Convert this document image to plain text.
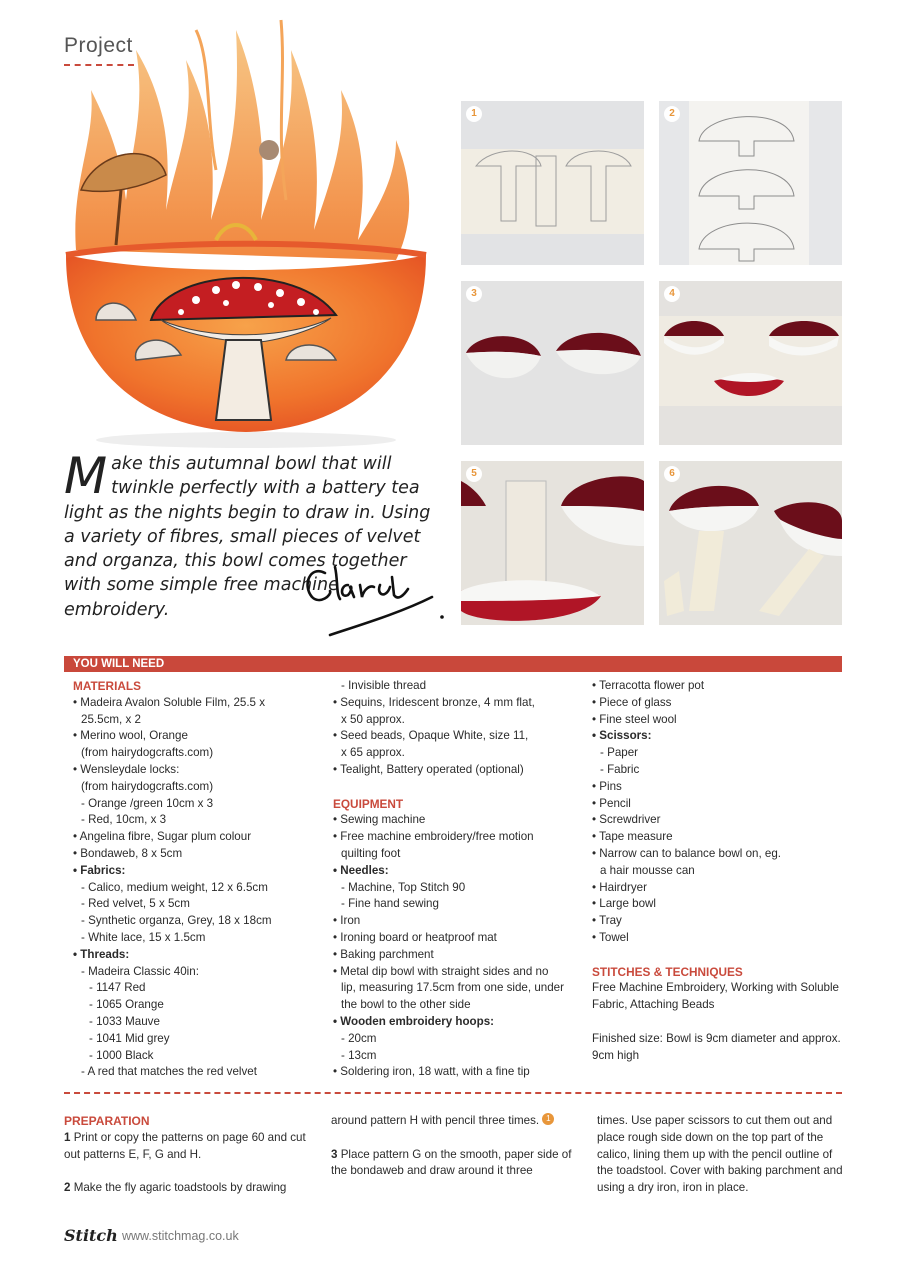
Project
Make this autumnal bowl that will twinkle perfectly with a battery tea light as the nights begin to draw in. Using a variety of fibres, small pieces of velvet and organza, this bowl comes together with some simple free machine embroidery.
1	2
3	4
5	6
YOU WILL NEED
MATERIALS
• Madeira Avalon Soluble Film, 25.5 x
25.5cm, x 2
• Merino wool, Orange
(from hairydogcrafts.com)
• Wensleydale locks:
(from hairydogcrafts.com)
- Orange /green 10cm x 3
- Red, 10cm, x 3
• Angelina fibre, Sugar plum colour
• Bondaweb, 8 x 5cm
• Fabrics:
- Calico, medium weight, 12 x 6.5cm
- Red velvet, 5 x 5cm
- Synthetic organza, Grey, 18 x 18cm
- White lace, 15 x 1.5cm
• Threads:
- Madeira Classic 40in:
- 1147 Red
- 1065 Orange
- 1033 Mauve
- 1041 Mid grey
- 1000 Black
- A red that matches the red velvet
- Invisible thread
• Sequins, Iridescent bronze, 4 mm flat,
x 50 approx.
• Seed beads, Opaque White, size 11,
x 65 approx.
• Tealight, Battery operated (optional)
EQUIPMENT
• Sewing machine
• Free machine embroidery/free motion
quilting foot
• Needles:
- Machine, Top Stitch 90
- Fine hand sewing
• Iron
• Ironing board or heatproof mat
• Baking parchment
• Metal dip bowl with straight sides and no
lip, measuring 17.5cm from one side, under
the bowl to the other side
• Wooden embroidery hoops:
- 20cm
- 13cm
• Soldering iron, 18 watt, with a fine tip
• Terracotta flower pot
• Piece of glass
• Fine steel wool
• Scissors:
- Paper
- Fabric
• Pins
• Pencil
• Screwdriver
• Tape measure
• Narrow can to balance bowl on, eg.
a hair mousse can
• Hairdryer
• Large bowl
• Tray
• Towel
STITCHES & TECHNIQUES
Free Machine Embroidery, Working with Soluble Fabric, Attaching Beads
Finished size: Bowl is 9cm diameter and approx. 9cm high
PREPARATION
1 Print or copy the patterns on page 60 and cut out patterns E, F, G and H.
2 Make the fly agaric toadstools by drawing
around pattern H with pencil three times. 1
3 Place pattern G on the smooth, paper side of the bondaweb and draw around it three
times. Use paper scissors to cut them out and place rough side down on the top part of the calico, lining them up with the pencil outline of the toadstool. Cover with baking parchment and using a dry iron, iron in place.
Stitch www.stitchmag.co.uk
